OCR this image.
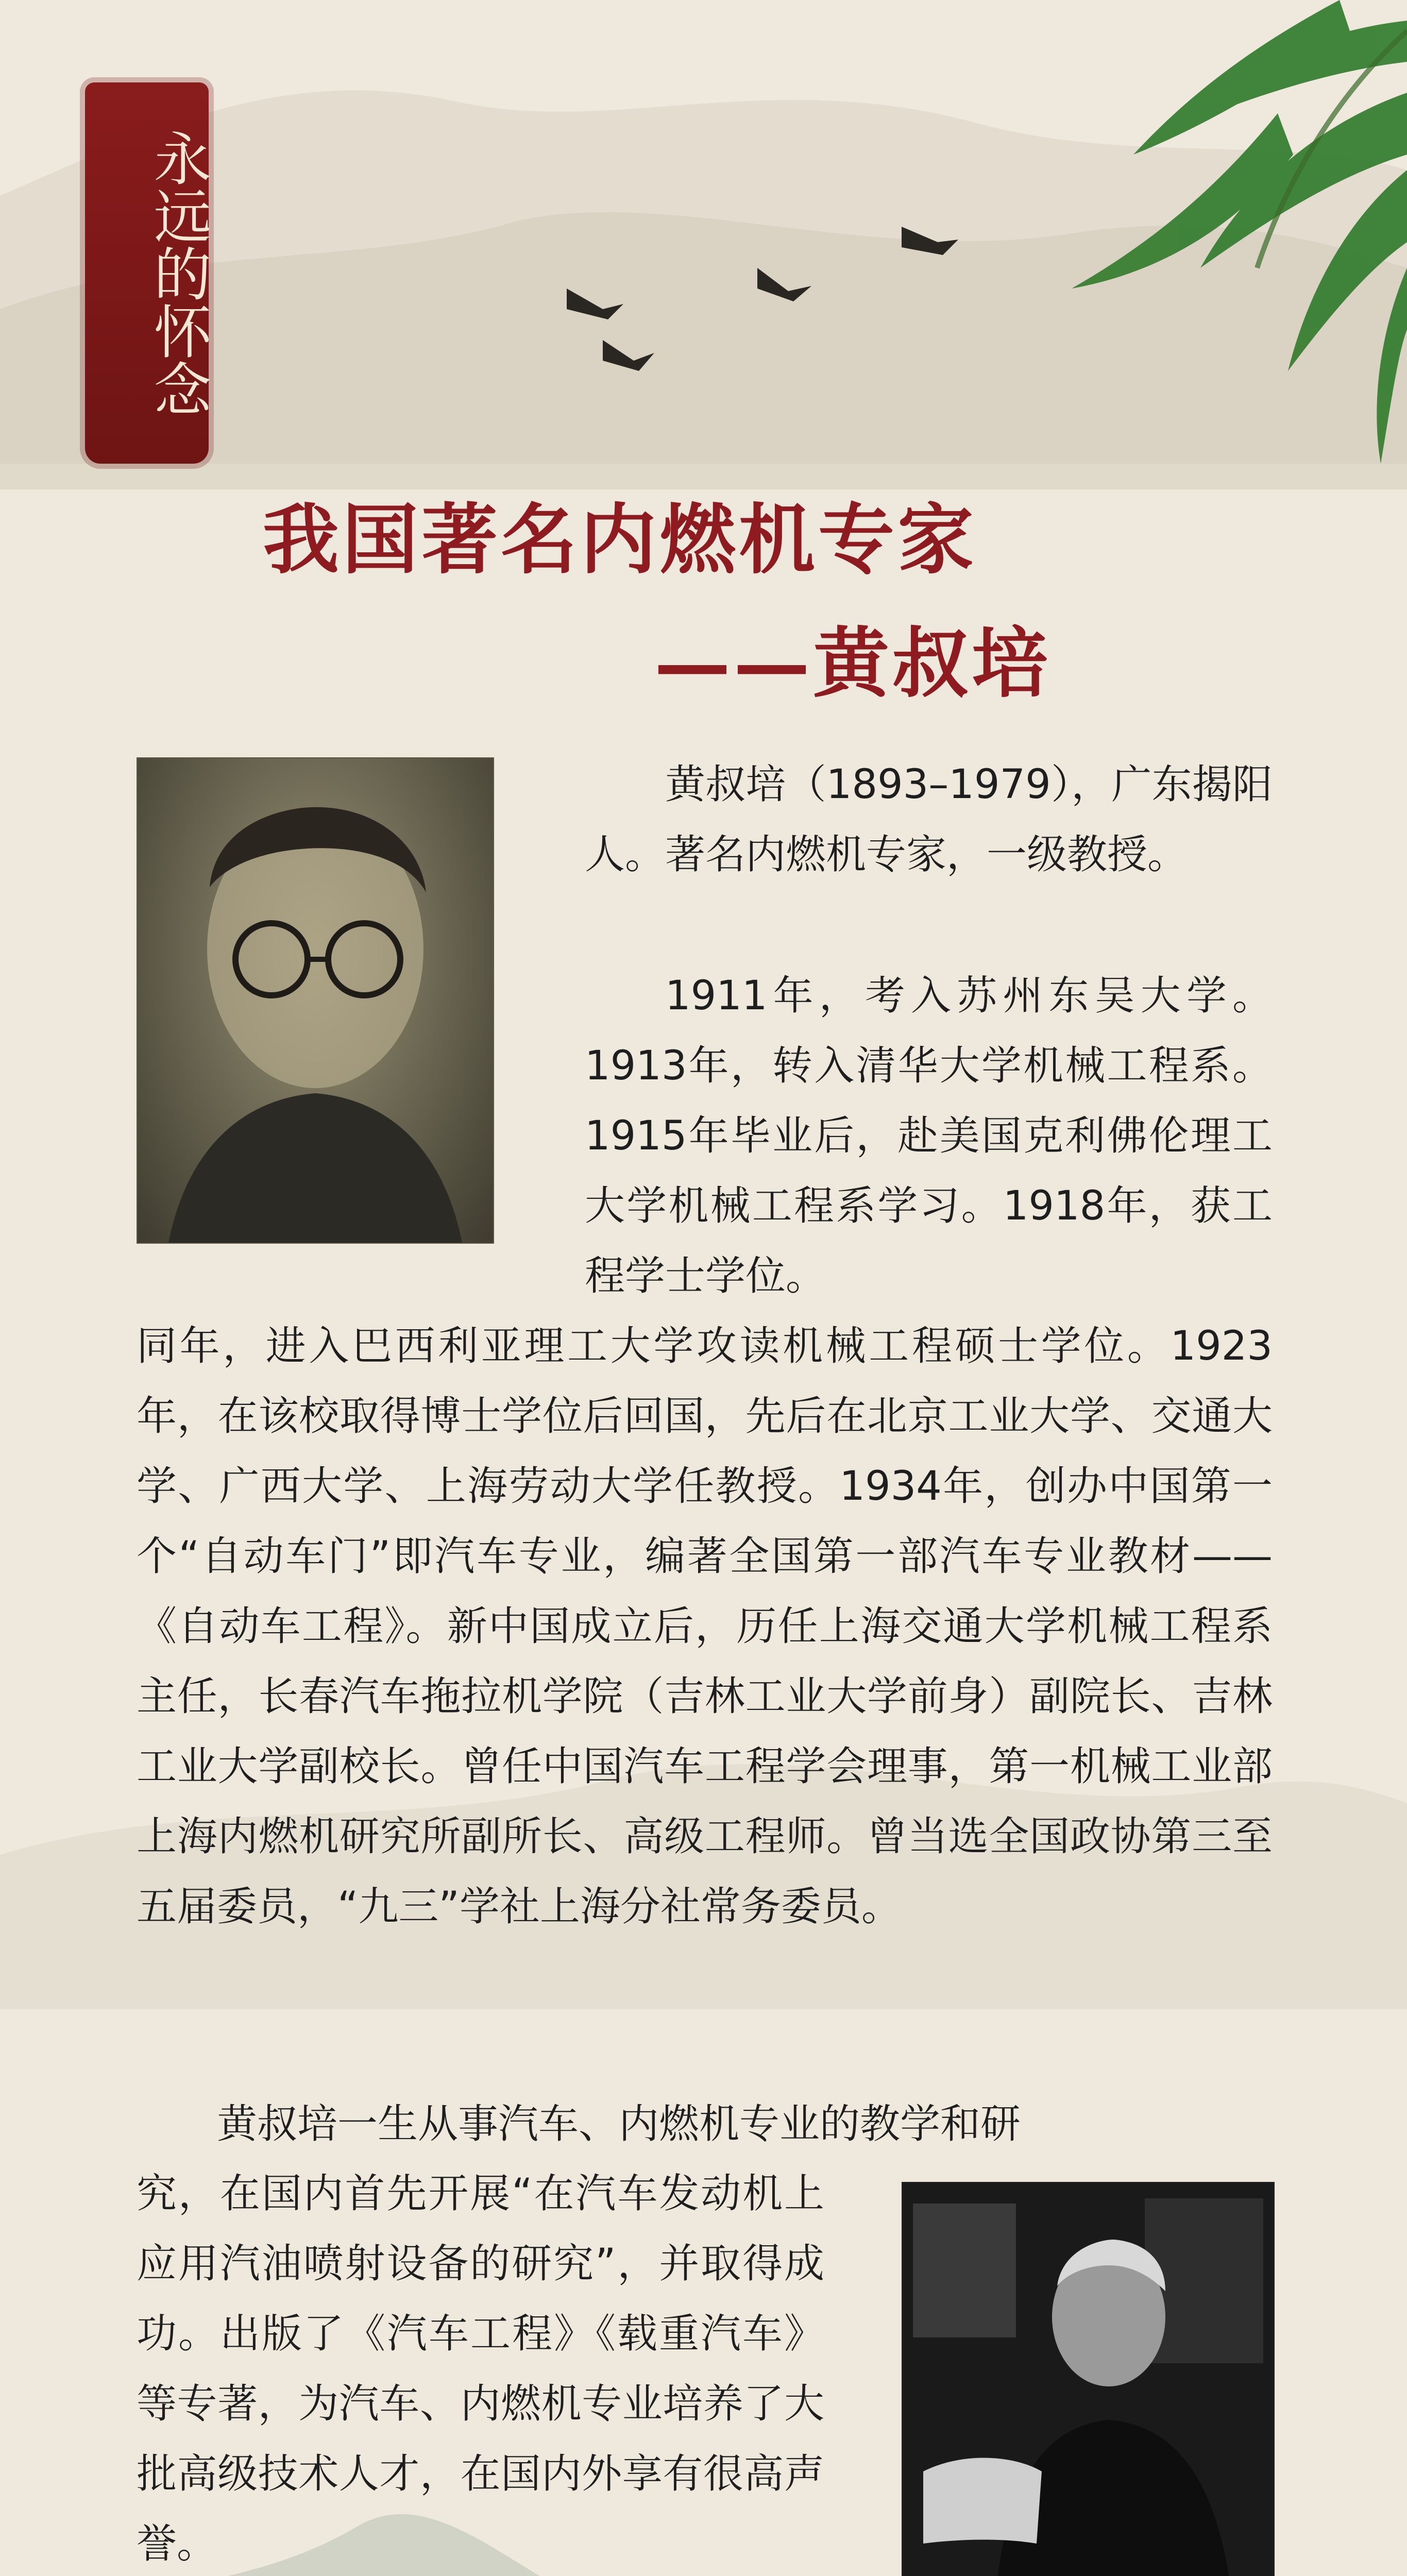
永远的怀念
我国著名内燃机专家
——黄叔培

黄叔培（1893–1979），广东揭阳人。著名内燃机专家，一级教授。

1911年，考入苏州东吴大学。1913年，转入清华大学机械工程系。1915年毕业后，赴美国克利佛伦理工大学机械工程系学习。1918年，获工程学士学位。

同年，进入巴西利亚理工大学攻读机械工程硕士学位。1923年，在该校取得博士学位后回国，先后在北京工业大学、交通大学、广西大学、上海劳动大学任教授。1934年，创办中国第一个“自动车门”即汽车专业，编著全国第一部汽车专业教材——《自动车工程》。新中国成立后，历任上海交通大学机械工程系主任，长春汽车拖拉机学院（吉林工业大学前身）副院长、吉林工业大学副校长。曾任中国汽车工程学会理事，第一机械工业部上海内燃机研究所副所长、高级工程师。曾当选全国政协第三至五届委员，“九三”学社上海分社常务委员。

黄叔培一生从事汽车、内燃机专业的教学和研

究，在国内首先开展“在汽车发动机上应用汽油喷射设备的研究”，并取得成功。出版了《汽车工程》《载重汽车》等专著，为汽车、内燃机专业培养了大批高级技术人才，在国内外享有很高声誉。
